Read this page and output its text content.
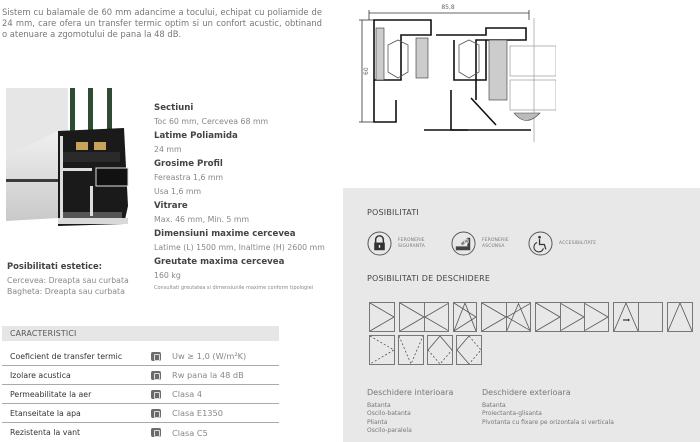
Sistem cu balamale de 60 mm adancime a tocului, echipat cu poliamide de 24 mm, care ofera un transfer termic optim si un confort acustic, obtinand o atenuare a zgomotului de pana la 48 dB.

Sectiuni
Toc 60 mm, Cercevea 68 mm
Latime Poliamida
24 mm
Grosime Profil
Fereastra 1,6 mm
Usa 1,6 mm
Vitrare
Max. 46 mm, Min. 5 mm
Dimensiuni maxime cercevea
Latime (L) 1500 mm, Inaltime (H) 2600 mm
Greutate maxima cercevea
160 kg
Consultati greutatea si dimensiunile maxime conform tipologiei
Posibilitati estetice:
Cercevea: Dreapta sau curbata
Bagheta: Dreapta sau curbata
CARACTERISTICI
Coeficient de transfer termic	Uw ≥ 1,0 (W/m²K)
Izolare acustica	Rw pana la 48 dB
Permeabilitate la aer	Clasa 4
Etanseitate la apa	Clasa E1350
Rezistenta la vant	Clasa C5
85,8
60
POSIBILITATI
FERONERIE
SIGURANTA
FERONERIE
ASCUNSA
ACCESIBILITATE
POSIBILITATI DE DESCHIDERE
Deschidere interioara
Batanta
Oscilo-batanta
Plianta
Oscilo-paralela
Deschidere exterioara
Batanta
Proiectanta-glisanta
Pivotanta cu fixare pe orizontala si verticala
